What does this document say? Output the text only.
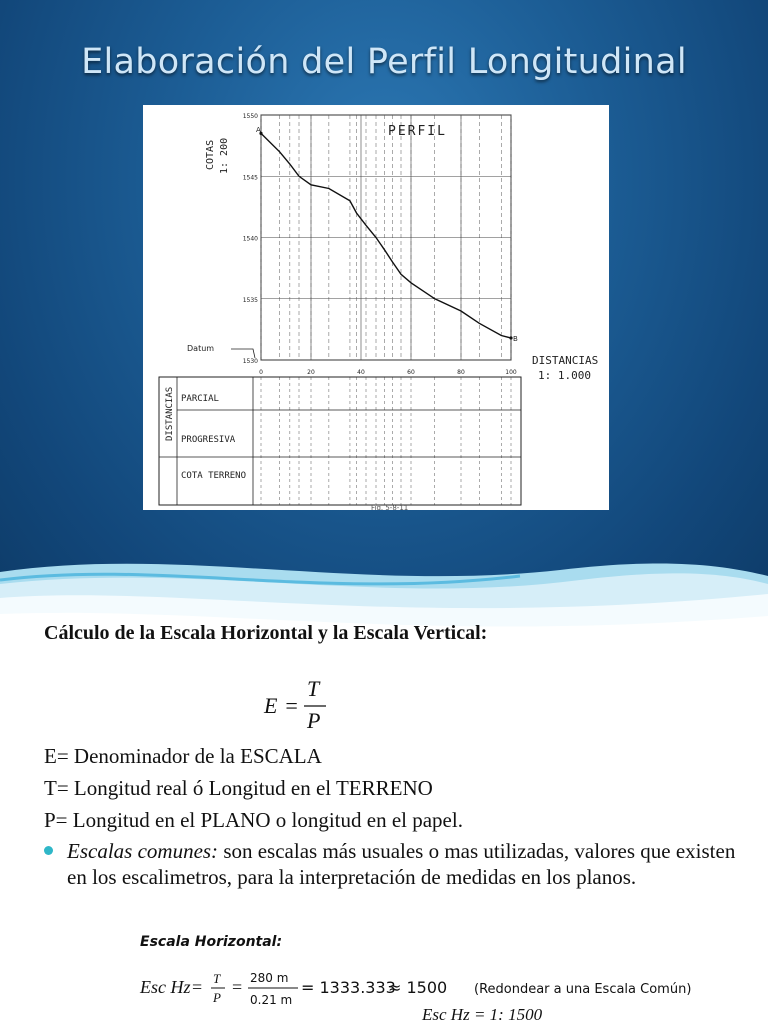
Elaboración del Perfil Longitudinal
1550
1545
1540
1535
1530
0	20	40	60	80	100
DISTANCIAS PARCIAL
PROGRESIVA
COTA TERRENO
PERFIL
COTAS 1: 200
DISTANCIAS
1: 1.000
Datum
A
B
Fig. 5-8-11
Cálculo de la Escala Horizontal y la Escala Vertical:
E =
T
P
E= Denominador de la ESCALA
T= Longitud real ó Longitud en el TERRENO
P= Longitud en el PLANO o longitud en el papel.
Escalas comunes: son escalas más usuales o mas utilizadas, valores que existen en los escalimetros, para la interpretación de medidas en los planos.
Escala Horizontal:
Esc Hz = T
P
= 280 m
0.21 m
= 1333.333
≈ 1500 (Redondear a una Escala Común)
Esc Hz = 1: 1500
